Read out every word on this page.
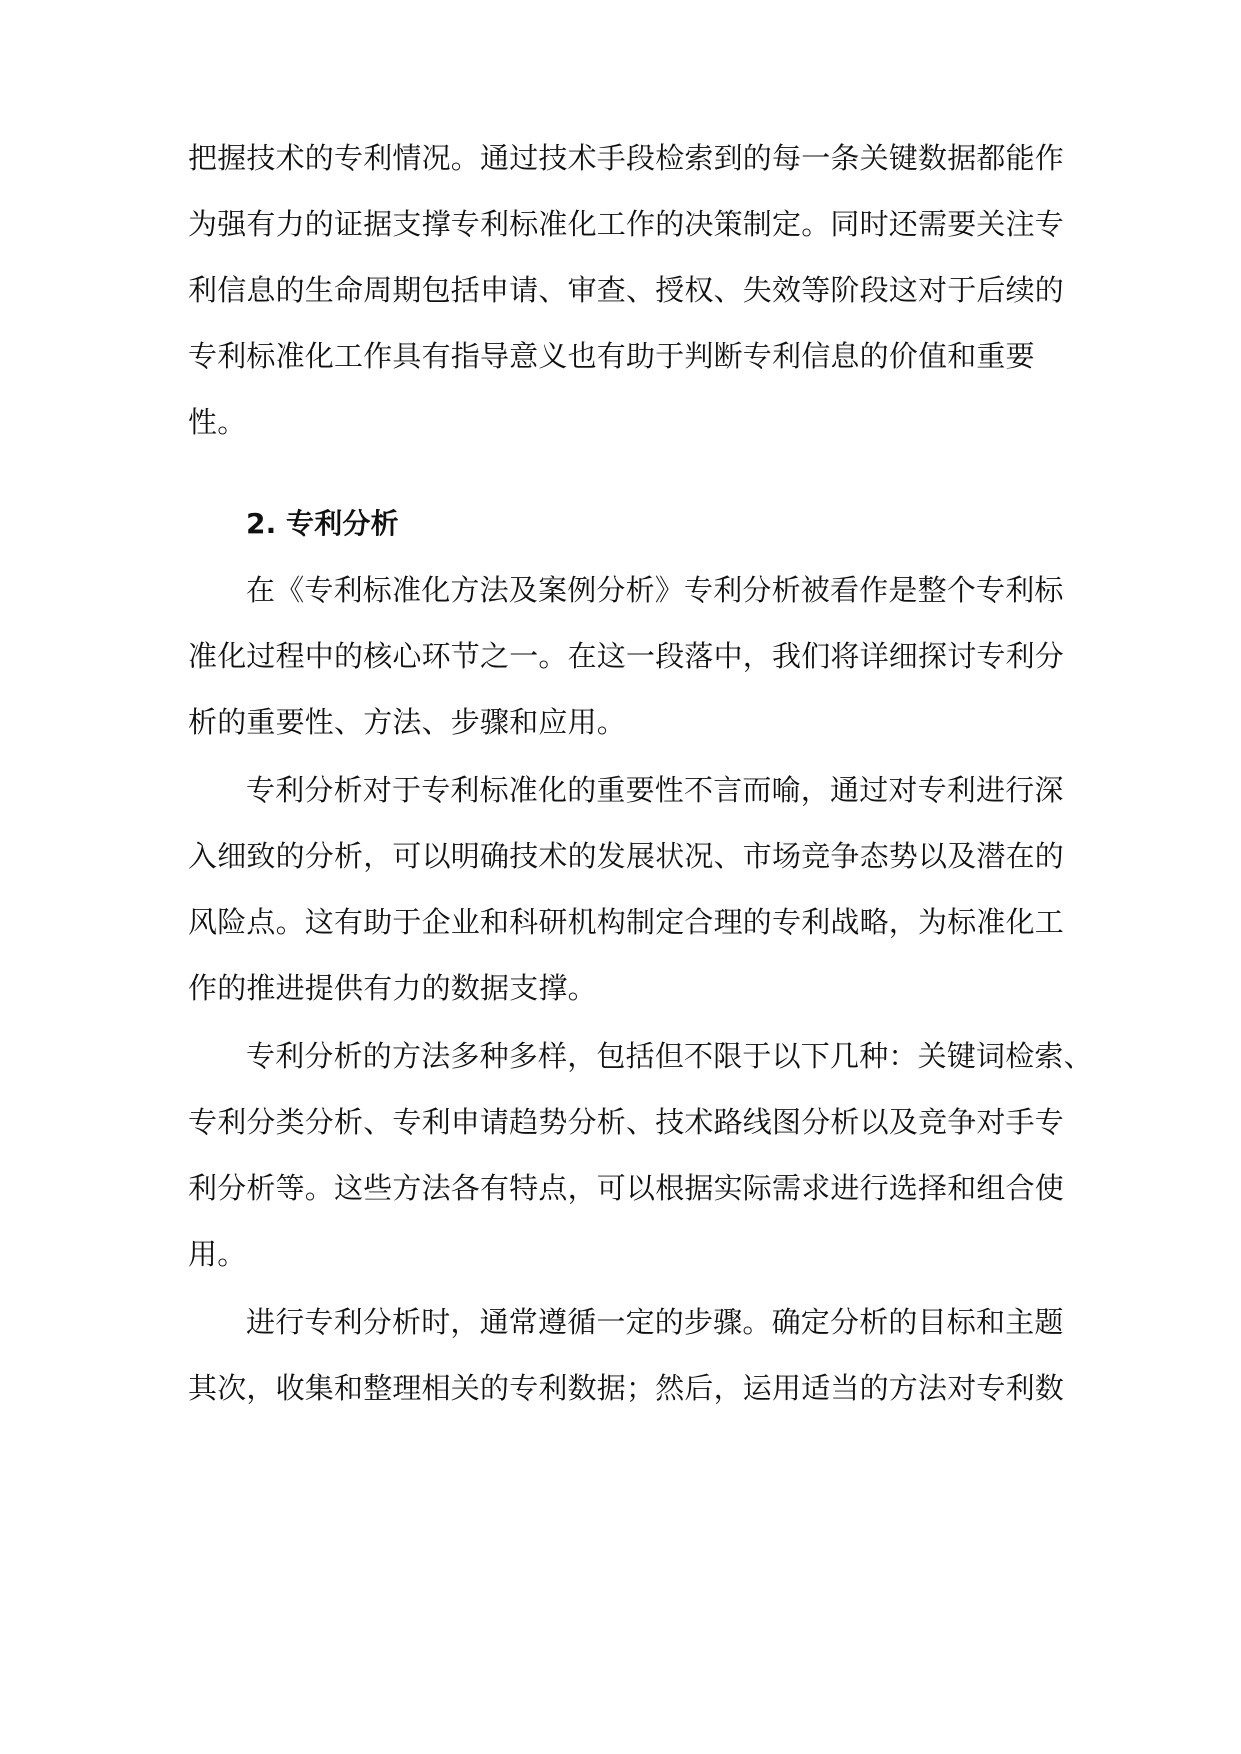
把握技术的专利情况。通过技术手段检索到的每一条关键数据都能作
为强有力的证据支撑专利标准化工作的决策制定。同时还需要关注专
利信息的生命周期包括申请、审查、授权、失效等阶段这对于后续的
专利标准化工作具有指导意义也有助于判断专利信息的价值和重要
性。
2. 专利分析
在《专利标准化方法及案例分析》专利分析被看作是整个专利标
准化过程中的核心环节之一。在这一段落中，我们将详细探讨专利分
析的重要性、方法、步骤和应用。
专利分析对于专利标准化的重要性不言而喻，通过对专利进行深
入细致的分析，可以明确技术的发展状况、市场竞争态势以及潜在的
风险点。这有助于企业和科研机构制定合理的专利战略，为标准化工
作的推进提供有力的数据支撑。
专利分析的方法多种多样，包括但不限于以下几种：关键词检索、
专利分类分析、专利申请趋势分析、技术路线图分析以及竞争对手专
利分析等。这些方法各有特点，可以根据实际需求进行选择和组合使
用。
进行专利分析时，通常遵循一定的步骤。确定分析的目标和主题
其次，收集和整理相关的专利数据；然后，运用适当的方法对专利数
